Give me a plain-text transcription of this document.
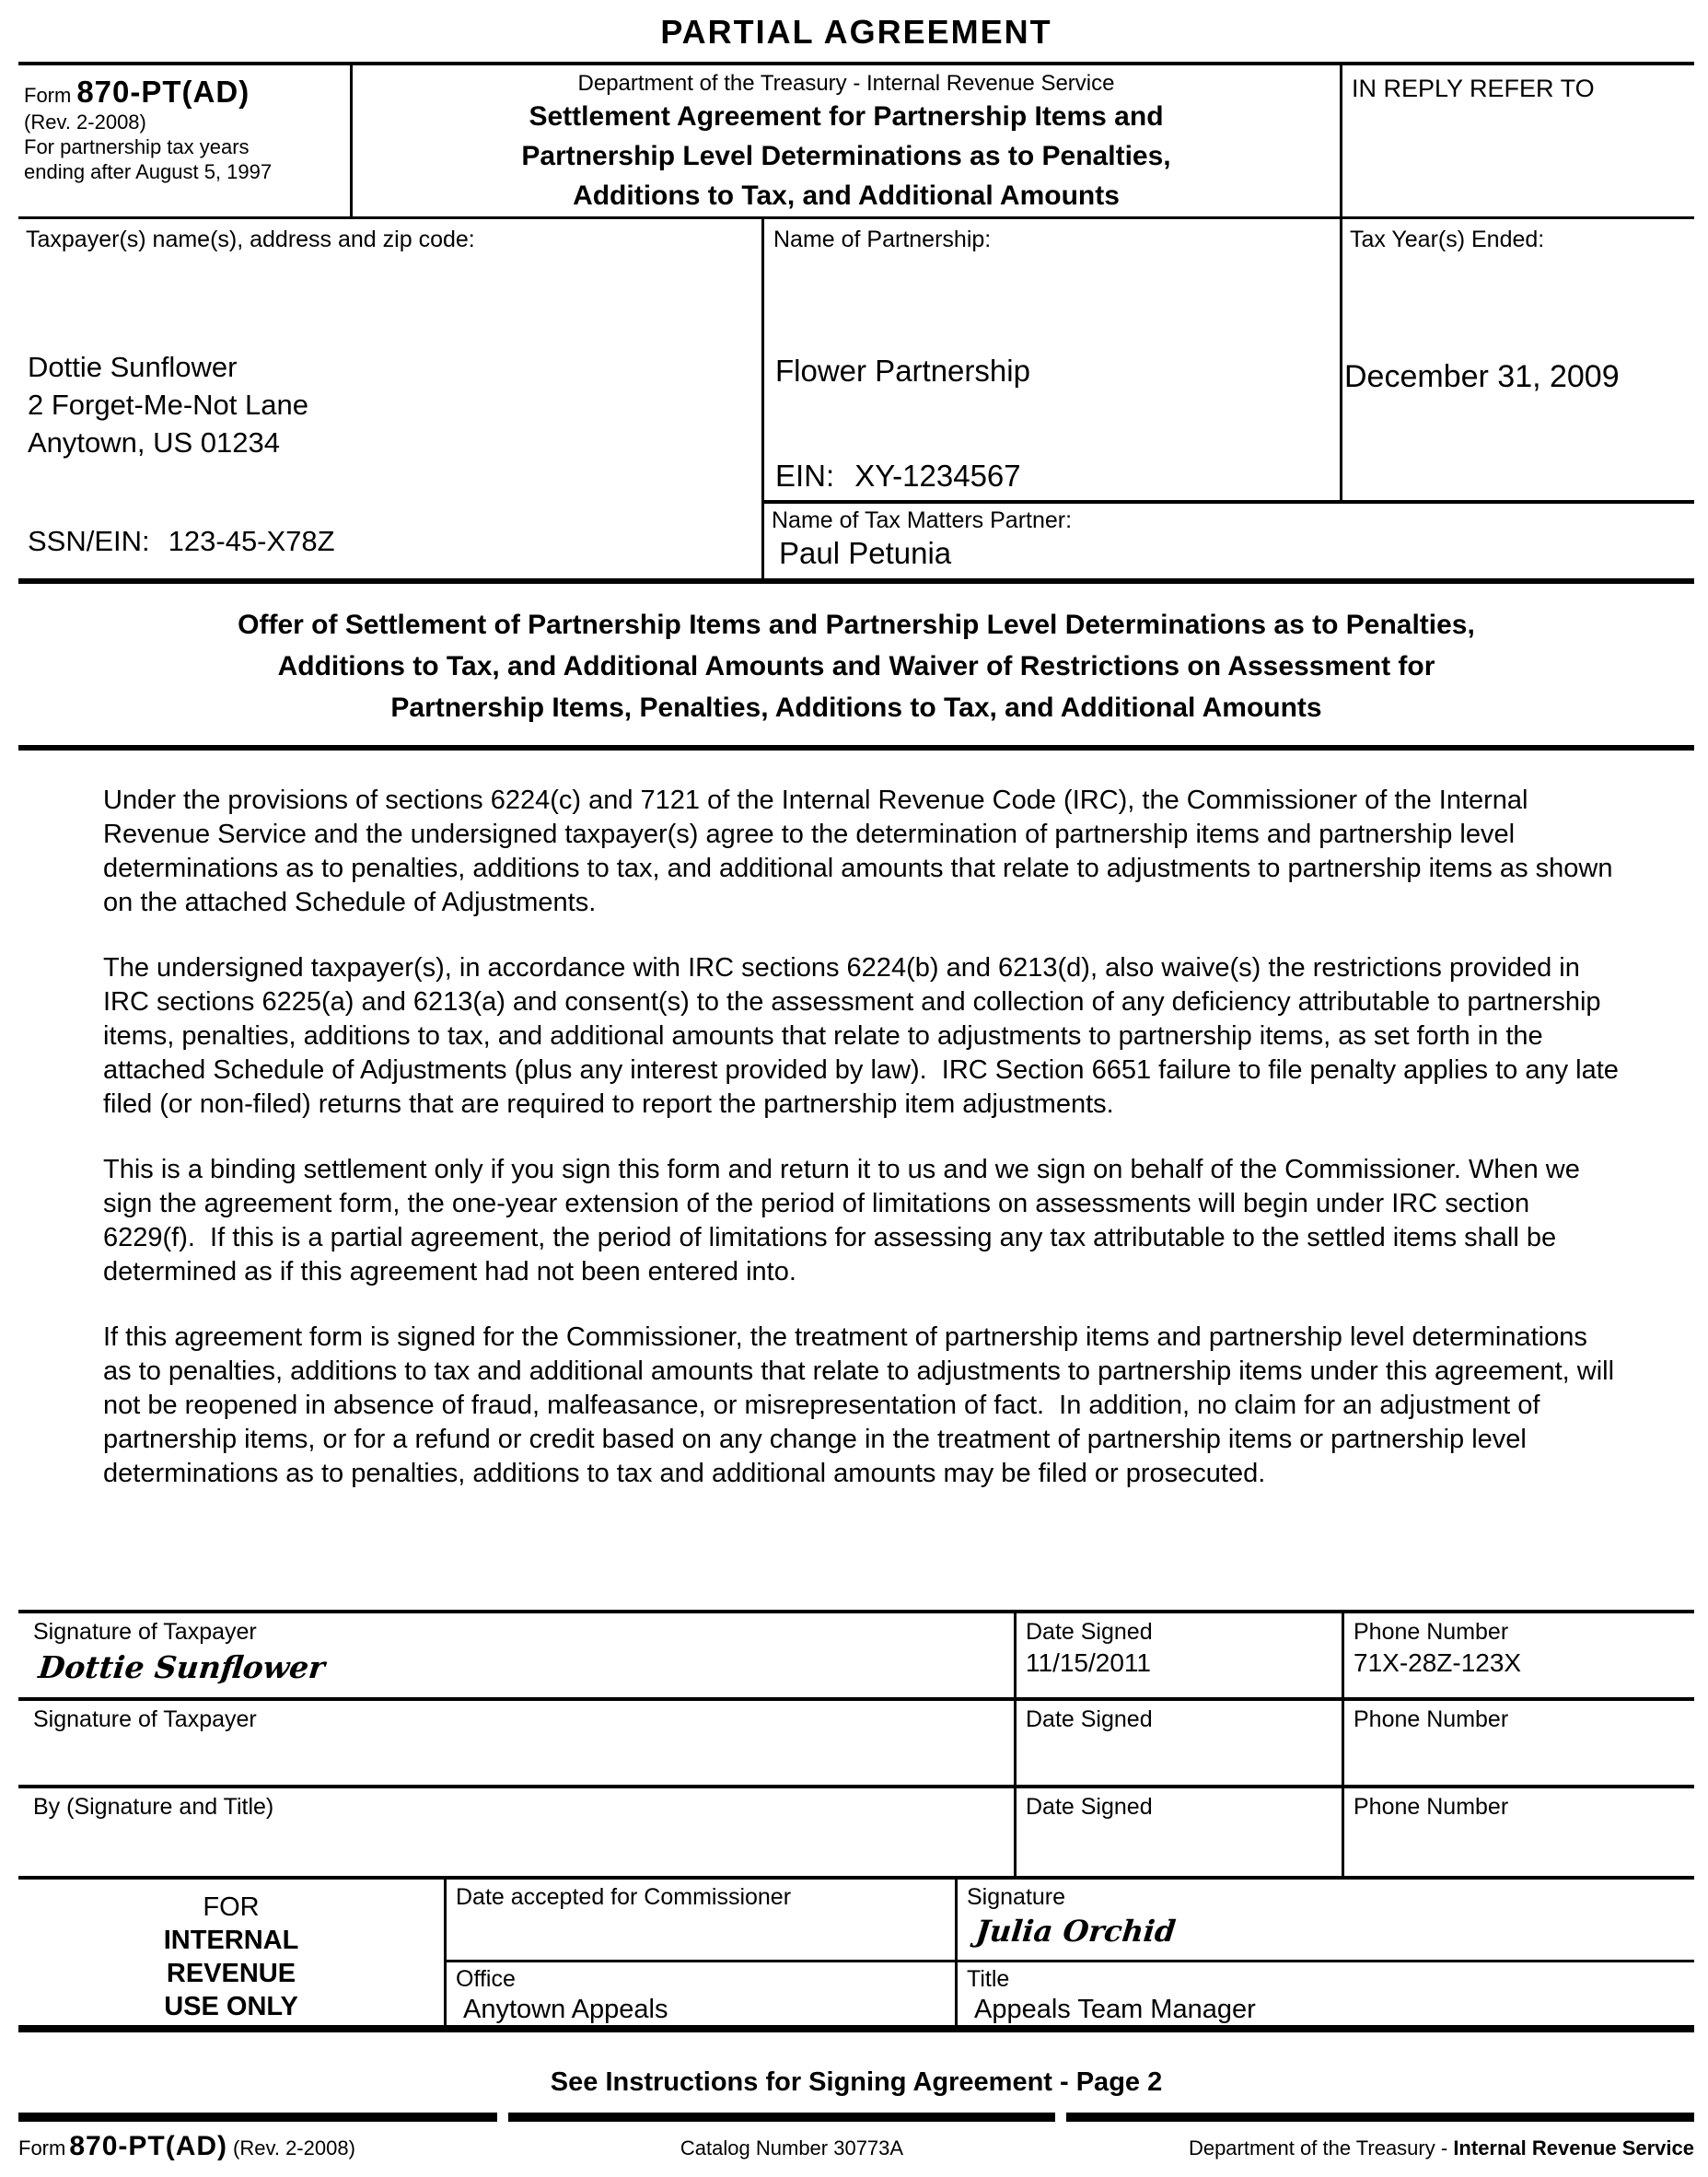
PARTIAL AGREEMENT
Form 870-PT(AD)
(Rev. 2-2008)
For partnership tax years
ending after August 5, 1997
Department of the Treasury - Internal Revenue Service
Settlement Agreement for Partnership Items and
Partnership Level Determinations as to Penalties,
Additions to Tax, and Additional Amounts
IN REPLY REFER TO
Taxpayer(s) name(s), address and zip code:
Dottie Sunflower
2 Forget-Me-Not Lane
Anytown, US 01234
SSN/EIN: 123-45-X78Z
Name of Partnership:
Flower Partnership
EIN: XY-1234567
Tax Year(s) Ended:
December 31, 2009
Name of Tax Matters Partner:
Paul Petunia
Offer of Settlement of Partnership Items and Partnership Level Determinations as to Penalties,
Additions to Tax, and Additional Amounts and Waiver of Restrictions on Assessment for
Partnership Items, Penalties, Additions to Tax, and Additional Amounts

Under the provisions of sections 6224(c) and 7121 of the Internal Revenue Code (IRC), the Commissioner of the Internal Revenue Service and the undersigned taxpayer(s) agree to the determination of partnership items and partnership level determinations as to penalties, additions to tax, and additional amounts that relate to adjustments to partnership items as shown on the attached Schedule of Adjustments.

The undersigned taxpayer(s), in accordance with IRC sections 6224(b) and 6213(d), also waive(s) the restrictions provided in IRC sections 6225(a) and 6213(a) and consent(s) to the assessment and collection of any deficiency attributable to partnership items, penalties, additions to tax, and additional amounts that relate to adjustments to partnership items, as set forth in the attached Schedule of Adjustments (plus any interest provided by law).  IRC Section 6651 failure to file penalty applies to any late filed (or non-filed) returns that are required to report the partnership item adjustments.

This is a binding settlement only if you sign this form and return it to us and we sign on behalf of the Commissioner. When we sign the agreement form, the one-year extension of the period of limitations on assessments will begin under IRC section 6229(f).  If this is a partial agreement, the period of limitations for assessing any tax attributable to the settled items shall be determined as if this agreement had not been entered into.

If this agreement form is signed for the Commissioner, the treatment of partnership items and partnership level determinations as to penalties, additions to tax and additional amounts that relate to adjustments to partnership items under this agreement, will not be reopened in absence of fraud, malfeasance, or misrepresentation of fact.  In addition, no claim for an adjustment of partnership items, or for a refund or credit based on any change in the treatment of partnership items or partnership level determinations as to penalties, additions to tax and additional amounts may be filed or prosecuted.

Signature of Taxpayer
Dottie Sunflower
Date Signed
11/15/2011
Phone Number
71X-28Z-123X
Signature of Taxpayer	Date Signed	Phone Number
By (Signature and Title)	Date Signed	Phone Number
FOR
INTERNAL
REVENUE
USE ONLY
Date accepted for Commissioner
Office
Anytown Appeals
Signature
Julia Orchid
Title
Appeals Team Manager
See Instructions for Signing Agreement - Page 2
Form 870-PT(AD) (Rev. 2-2008)	Catalog Number 30773A	Department of the Treasury - Internal Revenue Service
